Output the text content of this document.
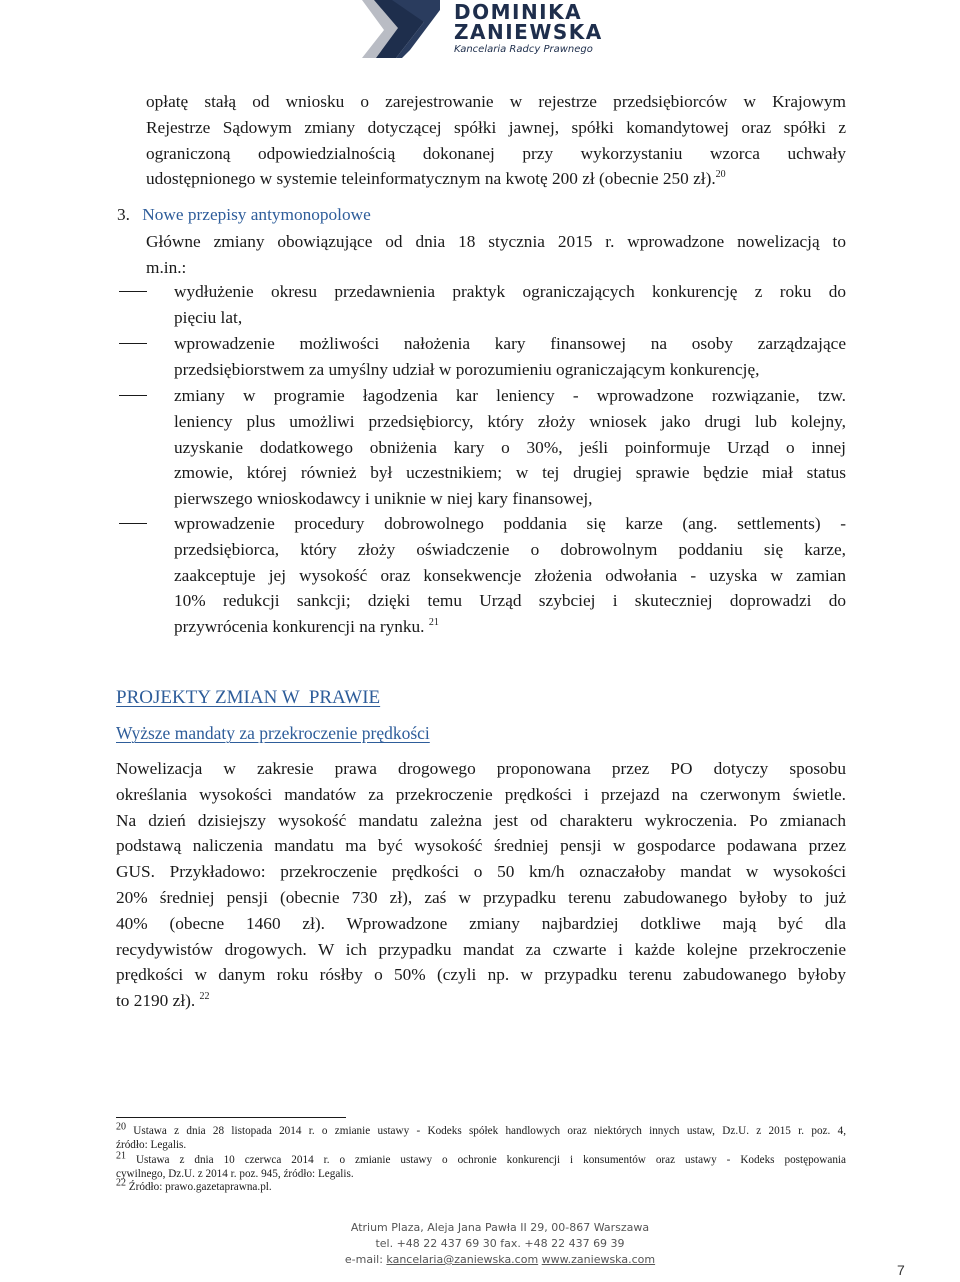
DOMINIKA
ZANIEWSKA
Kancelaria Radcy Prawnego
opłatę stałą od wniosku o zarejestrowanie w rejestrze przedsiębiorców w Krajowym
Rejestrze Sądowym zmiany dotyczącej spółki jawnej, spółki komandytowej oraz spółki z
ograniczoną odpowiedzialnością dokonanej przy wykorzystaniu wzorca uchwały
udostępnionego w systemie teleinformatycznym na kwotę 200 zł (obecnie 250 zł).$^{20}$
3. Nowe przepisy antymonopolowe
Główne zmiany obowiązujące od dnia 18 stycznia 2015 r. wprowadzone nowelizacją to
m.in.:
wydłużenie okresu przedawnienia praktyk ograniczających konkurencję z roku do
pięciu lat,
wprowadzenie możliwości nałożenia kary finansowej na osoby zarządzające
przedsiębiorstwem za umyślny udział w porozumieniu ograniczającym konkurencję,
zmiany w programie łagodzenia kar leniency - wprowadzone rozwiązanie, tzw.
leniency plus umożliwi przedsiębiorcy, który złoży wniosek jako drugi lub kolejny,
uzyskanie dodatkowego obniżenia kary o 30%, jeśli poinformuje Urząd o innej
zmowie, której również był uczestnikiem; w tej drugiej sprawie będzie miał status
pierwszego wnioskodawcy i uniknie w niej kary finansowej,
wprowadzenie procedury dobrowolnego poddania się karze (ang. settlements) -
przedsiębiorca, który złoży oświadczenie o dobrowolnym poddaniu się karze,
zaakceptuje jej wysokość oraz konsekwencje złożenia odwołania - uzyska w zamian
10% redukcji sankcji; dzięki temu Urząd szybciej i skuteczniej doprowadzi do
przywrócenia konkurencji na rynku. $^{21}$
PROJEKTY ZMIAN W  PRAWIE
Wyższe mandaty za przekroczenie prędkości
Nowelizacja w zakresie prawa drogowego proponowana przez PO dotyczy sposobu
określania wysokości mandatów za przekroczenie prędkości i przejazd na czerwonym świetle.
Na dzień dzisiejszy wysokość mandatu zależna jest od charakteru wykroczenia. Po zmianach
podstawą naliczenia mandatu ma być wysokość średniej pensji w gospodarce podawana przez
GUS. Przykładowo: przekroczenie prędkości o 50 km/h oznaczałoby mandat w wysokości
20% średniej pensji (obecnie 730 zł), zaś w przypadku terenu zabudowanego byłoby to już
40% (obecne 1460 zł). Wprowadzone zmiany najbardziej dotkliwe mają być dla
recydywistów drogowych. W ich przypadku mandat za czwarte i każde kolejne przekroczenie
prędkości w danym roku rósłby o 50% (czyli np. w przypadku terenu zabudowanego byłoby
to 2190 zł). $^{22}$
$^{20}$ Ustawa z dnia 28 listopada 2014 r. o zmianie ustawy - Kodeks spółek handlowych oraz niektórych innych ustaw, Dz.U. z 2015 r. poz. 4,
źródło: Legalis.
$^{21}$ Ustawa z dnia 10 czerwca 2014 r. o zmianie ustawy o ochronie konkurencji i konsumentów oraz ustawy - Kodeks postępowania
cywilnego, Dz.U. z 2014 r. poz. 945, źródło: Legalis.
$^{22}$ Źródło: prawo.gazetaprawna.pl.
Atrium Plaza, Aleja Jana Pawła II 29, 00-867 Warszawa
tel. +48 22 437 69 30 fax. +48 22 437 69 39
e-mail: kancelaria@zaniewska.com www.zaniewska.com
7
